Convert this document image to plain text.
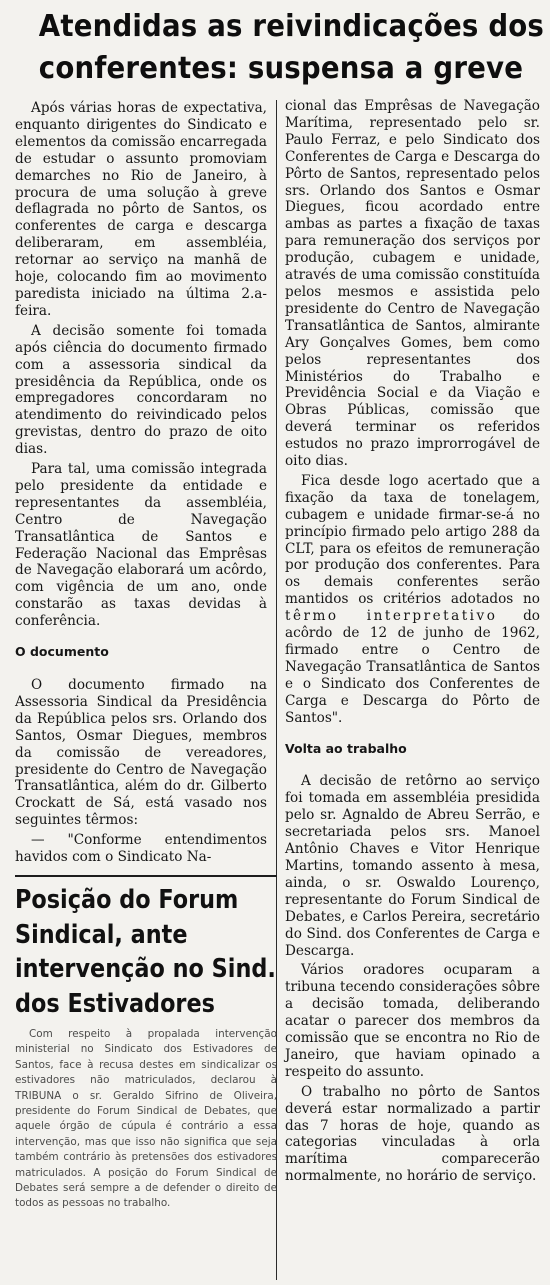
Atendidas as reivindicações dos
conferentes: suspensa a greve

Após várias horas de expectativa, enquanto dirigentes do Sindicato e elementos da comissão encarregada de estudar o assunto promoviam demarches no Rio de Janeiro, à procura de uma solução à greve deflagrada no pôrto de Santos, os conferentes de carga e descarga deliberaram, em assembléia, retornar ao serviço na manhã de hoje, colocando fim ao movimento paredista iniciado na última 2.a-feira.

A decisão somente foi tomada após ciência do documento firmado com a assessoria sindical da presidência da República, onde os empregadores concordaram no atendimento do reivindicado pelos grevistas, dentro do prazo de oito dias.

Para tal, uma comissão integrada pelo presidente da entidade e representantes da assembléia, Centro de Navegação Transatlântica de Santos e Federação Nacional das Emprêsas de Navegação elaborará um acôrdo, com vigência de um ano, onde constarão as taxas devidas à conferência.

O documento

O documento firmado na Assessoria Sindical da Presidência da República pelos srs. Orlando dos Santos, Osmar Diegues, membros da comissão de vereadores, presidente do Centro de Navegação Transatlântica, além do dr. Gilberto Crockatt de Sá, está vasado nos seguintes têrmos:

— "Conforme entendimentos havidos com o Sindicato Na-

cional das Emprêsas de Navegação Marítima, representado pelo sr. Paulo Ferraz, e pelo Sindicato dos Conferentes de Carga e Descarga do Pôrto de Santos, representado pelos srs. Orlando dos Santos e Osmar Diegues, ficou acordado entre ambas as partes a fixação de taxas para remuneração dos serviços por produção, cubagem e unidade, através de uma comissão constituída pelos mesmos e assistida pelo presidente do Centro de Navegação Transatlântica de Santos, almirante Ary Gonçalves Gomes, bem como pelos representantes dos Ministérios do Trabalho e Previdência Social e da Viação e Obras Públicas, comissão que deverá terminar os referidos estudos no prazo improrrogável de oito dias.

Fica desde logo acertado que a fixação da taxa de tonelagem, cubagem e unidade firmar-se-á no princípio firmado pelo artigo 288 da CLT, para os efeitos de remuneração por produção dos conferentes. Para os demais conferentes serão mantidos os critérios adotados no têrmo interpretativo do acôrdo de 12 de junho de 1962, firmado entre o Centro de Navegação Transatlântica de Santos e o Sindicato dos Conferentes de Carga e Descarga do Pôrto de Santos".

Volta ao trabalho

A decisão de retôrno ao serviço foi tomada em assembléia presidida pelo sr. Agnaldo de Abreu Serrão, e secretariada pelos srs. Manoel Antônio Chaves e Vitor Henrique Martins, tomando assento à mesa, ainda, o sr. Oswaldo Lourenço, representante do Forum Sindical de Debates, e Carlos Pereira, secretário do Sind. dos Conferentes de Carga e Descarga.

Vários oradores ocuparam a tribuna tecendo considerações sôbre a decisão tomada, deliberando acatar o parecer dos membros da comissão que se encontra no Rio de Janeiro, que haviam opinado a respeito do assunto.

O trabalho no pôrto de Santos deverá estar normalizado a partir das 7 horas de hoje, quando as categorias vinculadas à orla marítima comparecerão normalmente, no horário de serviço.

Posição do Forum
Sindical, ante
intervenção no Sind.
dos Estivadores
Com respeito à propalada intervenção ministerial no Sindicato dos Estivadores de Santos, face à recusa destes em sindicalizar os estivadores não matriculados, declarou à TRIBUNA o sr. Geraldo Sifrino de Oliveira, presidente do Forum Sindical de Debates, que aquele órgão de cúpula é contrário a essa intervenção, mas que isso não significa que seja também contrário às pretensões dos estivadores matriculados. A posição do Forum Sindical de Debates será sempre a de defender o direito de todos as pessoas no trabalho.
